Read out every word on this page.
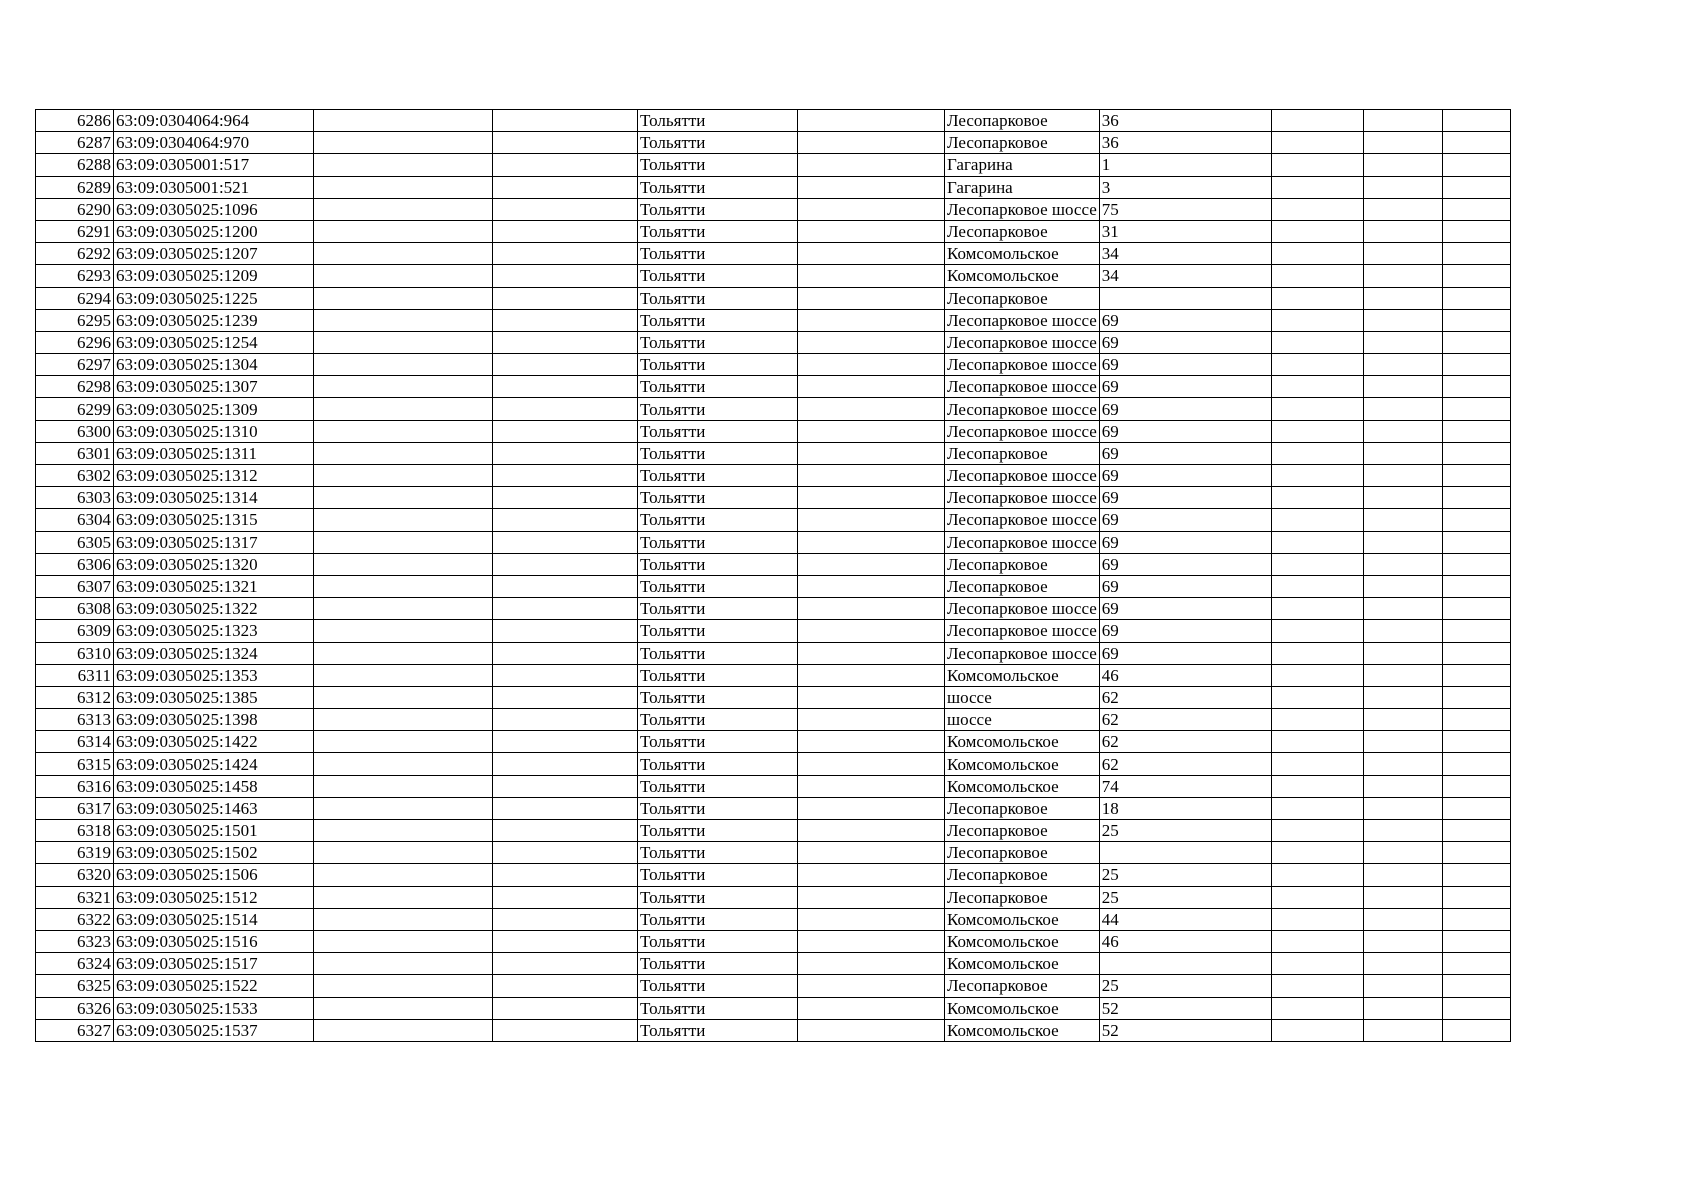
6286	63:09:0304064:964			Тольятти		Лесопарковое	36			
6287	63:09:0304064:970			Тольятти		Лесопарковое	36			
6288	63:09:0305001:517			Тольятти		Гагарина	1			
6289	63:09:0305001:521			Тольятти		Гагарина	3			
6290	63:09:0305025:1096			Тольятти		Лесопарковое шоссе	75			
6291	63:09:0305025:1200			Тольятти		Лесопарковое	31			
6292	63:09:0305025:1207			Тольятти		Комсомольское	34			
6293	63:09:0305025:1209			Тольятти		Комсомольское	34			
6294	63:09:0305025:1225			Тольятти		Лесопарковое				
6295	63:09:0305025:1239			Тольятти		Лесопарковое шоссе	69			
6296	63:09:0305025:1254			Тольятти		Лесопарковое шоссе	69			
6297	63:09:0305025:1304			Тольятти		Лесопарковое шоссе	69			
6298	63:09:0305025:1307			Тольятти		Лесопарковое шоссе	69			
6299	63:09:0305025:1309			Тольятти		Лесопарковое шоссе	69			
6300	63:09:0305025:1310			Тольятти		Лесопарковое шоссе	69			
6301	63:09:0305025:1311			Тольятти		Лесопарковое	69			
6302	63:09:0305025:1312			Тольятти		Лесопарковое шоссе	69			
6303	63:09:0305025:1314			Тольятти		Лесопарковое шоссе	69			
6304	63:09:0305025:1315			Тольятти		Лесопарковое шоссе	69			
6305	63:09:0305025:1317			Тольятти		Лесопарковое шоссе	69			
6306	63:09:0305025:1320			Тольятти		Лесопарковое	69			
6307	63:09:0305025:1321			Тольятти		Лесопарковое	69			
6308	63:09:0305025:1322			Тольятти		Лесопарковое шоссе	69			
6309	63:09:0305025:1323			Тольятти		Лесопарковое шоссе	69			
6310	63:09:0305025:1324			Тольятти		Лесопарковое шоссе	69			
6311	63:09:0305025:1353			Тольятти		Комсомольское	46			
6312	63:09:0305025:1385			Тольятти		шоссе	62			
6313	63:09:0305025:1398			Тольятти		шоссе	62			
6314	63:09:0305025:1422			Тольятти		Комсомольское	62			
6315	63:09:0305025:1424			Тольятти		Комсомольское	62			
6316	63:09:0305025:1458			Тольятти		Комсомольское	74			
6317	63:09:0305025:1463			Тольятти		Лесопарковое	18			
6318	63:09:0305025:1501			Тольятти		Лесопарковое	25			
6319	63:09:0305025:1502			Тольятти		Лесопарковое				
6320	63:09:0305025:1506			Тольятти		Лесопарковое	25			
6321	63:09:0305025:1512			Тольятти		Лесопарковое	25			
6322	63:09:0305025:1514			Тольятти		Комсомольское	44			
6323	63:09:0305025:1516			Тольятти		Комсомольское	46			
6324	63:09:0305025:1517			Тольятти		Комсомольское				
6325	63:09:0305025:1522			Тольятти		Лесопарковое	25			
6326	63:09:0305025:1533			Тольятти		Комсомольское	52			
6327	63:09:0305025:1537			Тольятти		Комсомольское	52			
